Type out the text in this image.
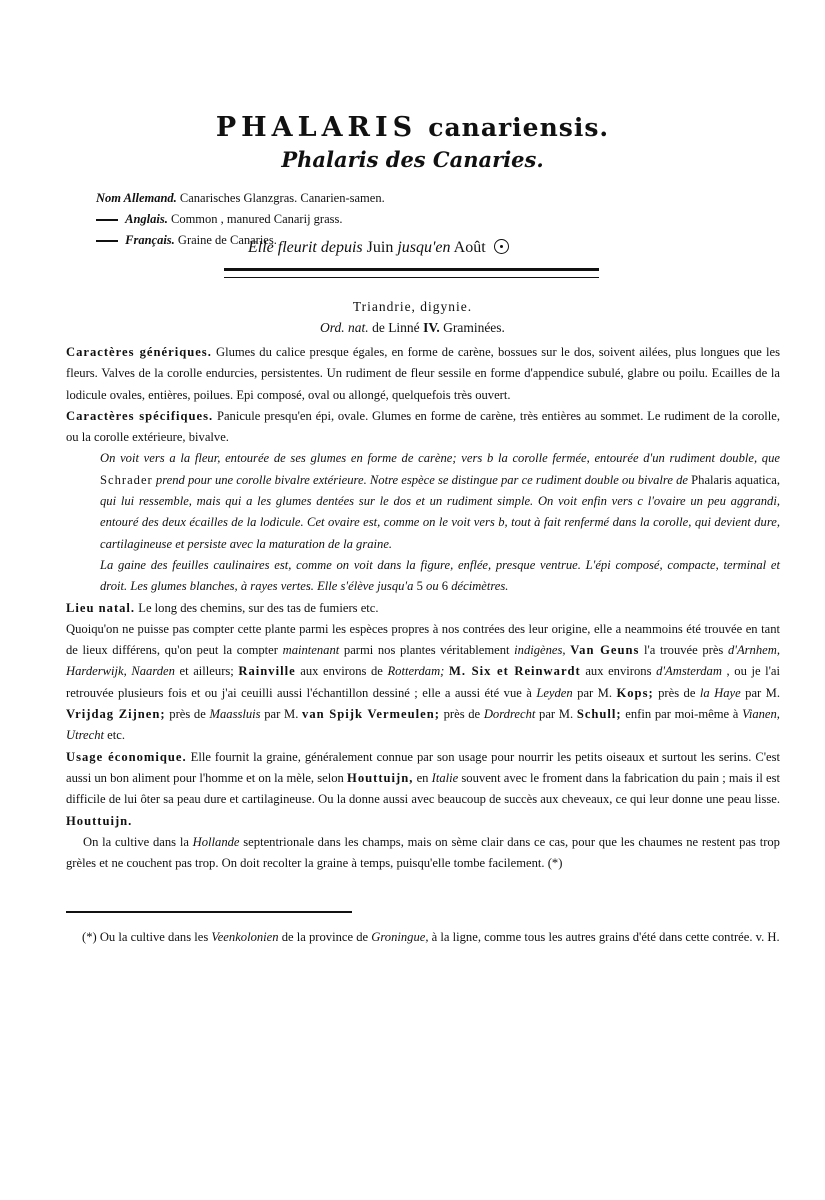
PHALARIS canariensis.
Phalaris des Canaries.
Nom Allemand. Canarisches Glanzgras. Canarien-samen.
Anglais. Common , manured Canarij grass.
Français. Graine de Canaries.
Elle fleurit depuis Juin jusqu'en Août
Triandrie, digynie.
Ord. nat. de Linné IV. Graminées.

Caractères génériques. Glumes du calice presque égales, en forme de carène, bossues sur le dos, soivent ailées, plus longues que les fleurs. Valves de la corolle endurcies, persistentes. Un rudiment de fleur sessile en forme d'appendice subulé, glabre ou poilu. Ecailles de la lodicule ovales, entières, poilues. Epi composé, oval ou allongé, quelquefois très ouvert.

Caractères spécifiques. Panicule presqu'en épi, ovale. Glumes en forme de carène, très entières au sommet. Le rudiment de la corolle, ou la corolle extérieure, bivalve.

On voit vers a la fleur, entourée de ses glumes en forme de carène; vers b la corolle fermée, entourée d'un rudiment double, que Schrader prend pour une corolle bivalre extérieure. Notre espèce se distingue par ce rudiment double ou bivalre de Phalaris aquatica, qui lui ressemble, mais qui a les glumes dentées sur le dos et un rudiment simple. On voit enfin vers c l'ovaire un peu aggrandi, entouré des deux écailles de la lodicule. Cet ovaire est, comme on le voit vers b, tout à fait renfermé dans la corolle, qui devient dure, cartilagineuse et persiste avec la maturation de la graine.

La gaine des feuilles caulinaires est, comme on voit dans la figure, enflée, presque ventrue. L'épi composé, compacte, terminal et droit. Les glumes blanches, à rayes vertes. Elle s'élève jusqu'a 5 ou 6 décimètres.

Lieu natal. Le long des chemins, sur des tas de fumiers etc.

Quoiqu'on ne puisse pas compter cette plante parmi les espèces propres à nos contrées des leur origine, elle a neammoins été trouvée en tant de lieux différens, qu'on peut la compter maintenant parmi nos plantes véritablement indigènes, Van Geuns l'a trouvée près d'Arnhem, Harderwijk, Naarden et ailleurs; Rainville aux environs de Rotterdam; M. Six et Reinwardt aux environs d'Amsterdam , ou je l'ai retrouvée plusieurs fois et ou j'ai ceuilli aussi l'échantillon dessiné ; elle a aussi été vue à Leyden par M. Kops; près de la Haye par M. Vrijdag Zijnen; près de Maassluis par M. van Spijk Vermeulen; près de Dordrecht par M. Schull; enfin par moi-même à Vianen, Utrecht etc.

Usage économique. Elle fournit la graine, généralement connue par son usage pour nourrir les petits oiseaux et surtout les serins. C'est aussi un bon aliment pour l'homme et on la mèle, selon Houttuijn, en Italie souvent avec le froment dans la fabrication du pain ; mais il est difficile de lui ôter sa peau dure et cartilagineuse. Ou la donne aussi avec beaucoup de succès aux cheveaux, ce qui leur donne une peau lisse. Houttuijn.

On la cultive dans la Hollande septentrionale dans les champs, mais on sème clair dans ce cas, pour que les chaumes ne restent pas trop grèles et ne couchent pas trop. On doit recolter la graine à temps, puisqu'elle tombe facilement. (*)

(*) Ou la cultive dans les Veenkolonien de la province de Groningue, à la ligne, comme tous les autres grains d'été dans cette contrée. v. H.
